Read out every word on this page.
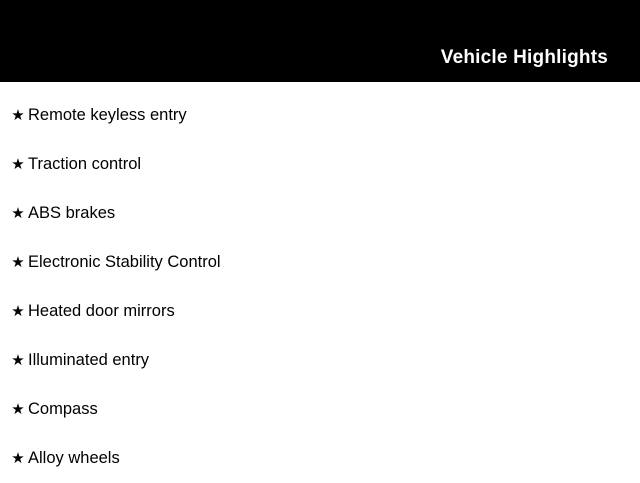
Vehicle Highlights
★ Remote keyless entry
★ Traction control
★ ABS brakes
★ Electronic Stability Control
★ Heated door mirrors
★ Illuminated entry
★ Compass
★ Alloy wheels
